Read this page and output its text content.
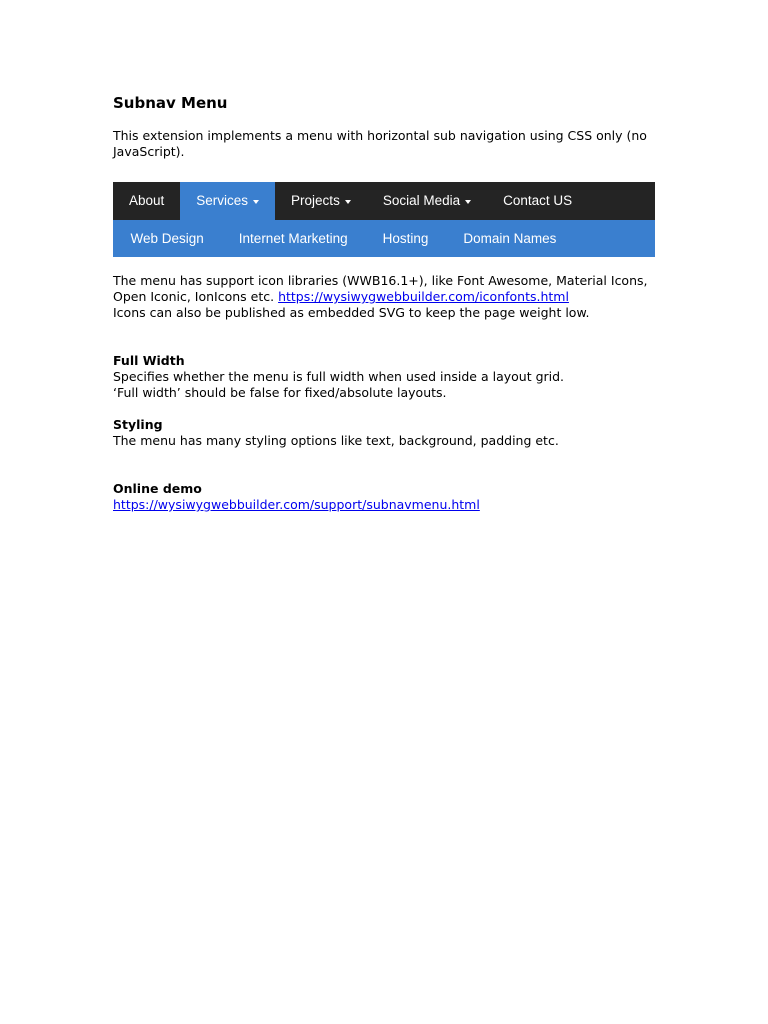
Subnav Menu

This extension implements a menu with horizontal sub navigation using CSS only (no JavaScript).

About Services	Projects	Social Media	Contact US
Web Design	Internet Marketing	Hosting	Domain Names
The menu has support icon libraries (WWB16.1+), like Font Awesome, Material Icons, Open Iconic, IonIcons etc. https://wysiwygwebbuilder.com/iconfonts.html
Icons can also be published as embedded SVG to keep the page weight low.
Full Width
Specifies whether the menu is full width when used inside a layout grid.
‘Full width’ should be false for fixed/absolute layouts.
Styling
The menu has many styling options like text, background, padding etc.
Online demo
https://wysiwygwebbuilder.com/support/subnavmenu.html
